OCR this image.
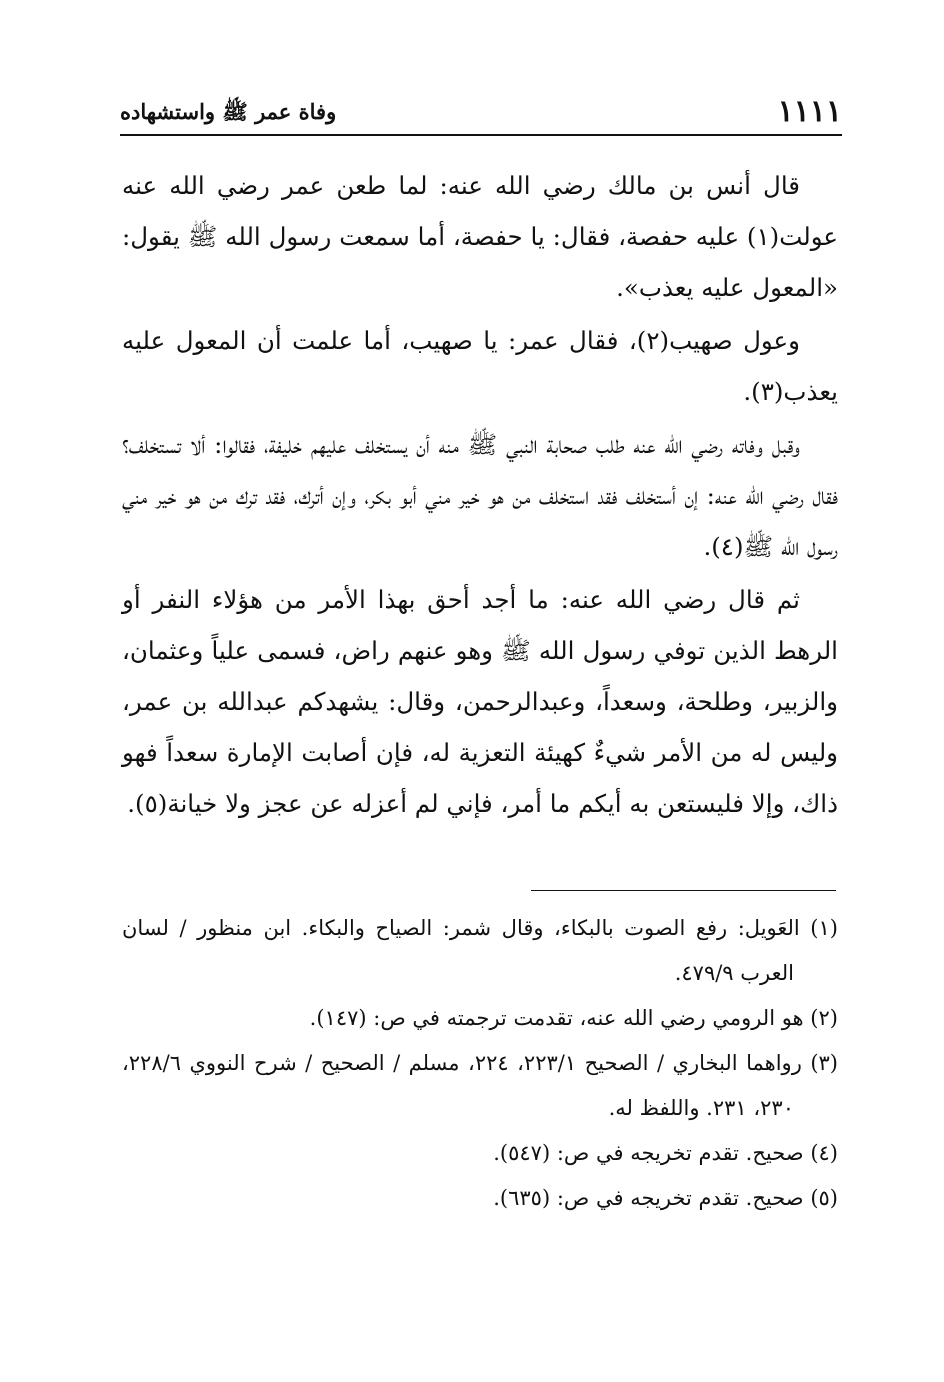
١١١١
وفاة عمر ﷺ واستشهاده

قال أنس بن مالك رضي الله عنه: لما طعن عمر رضي الله عنه عولت(١) عليه حفصة، فقال: يا حفصة، أما سمعت رسول الله ﷺ يقول: «المعول عليه يعذب».

وعول صهيب(٢)، فقال عمر: يا صهيب، أما علمت أن المعول عليه يعذب(٣).

وقبل وفاته رضي الله عنه طلب صحابة النبي ﷺ منه أن يستخلف عليهم خليفة، فقالوا: ألا تستخلف؟ فقال رضي الله عنه: إن أستخلف فقد استخلف من هو خير مني أبو بكر، وإن أترك، فقد ترك من هو خير مني رسول الله ﷺ(٤).

ثم قال رضي الله عنه: ما أجد أحق بهذا الأمر من هؤلاء النفر أو الرهط الذين توفي رسول الله ﷺ وهو عنهم راض، فسمى علياً وعثمان، والزبير، وطلحة، وسعداً، وعبدالرحمن، وقال: يشهدكم عبدالله بن عمر، وليس له من الأمر شيءٌ كهيئة التعزية له، فإن أصابت الإمارة سعداً فهو ذاك، وإلا فليستعن به أيكم ما أمر، فإني لم أعزله عن عجز ولا خيانة(٥).

(١) العَويل: رفع الصوت بالبكاء، وقال شمر: الصياح والبكاء. ابن منظور / لسان العرب ٤٧٩/٩.

(٢) هو الرومي رضي الله عنه، تقدمت ترجمته في ص: (١٤٧).

(٣) رواهما البخاري / الصحيح ٢٢٣/١، ٢٢٤، مسلم / الصحيح / شرح النووي ٢٢٨/٦، ٢٣٠، ٢٣١. واللفظ له.

(٤) صحيح. تقدم تخريجه في ص: (٥٤٧).

(٥) صحيح. تقدم تخريجه في ص: (٦٣٥).
